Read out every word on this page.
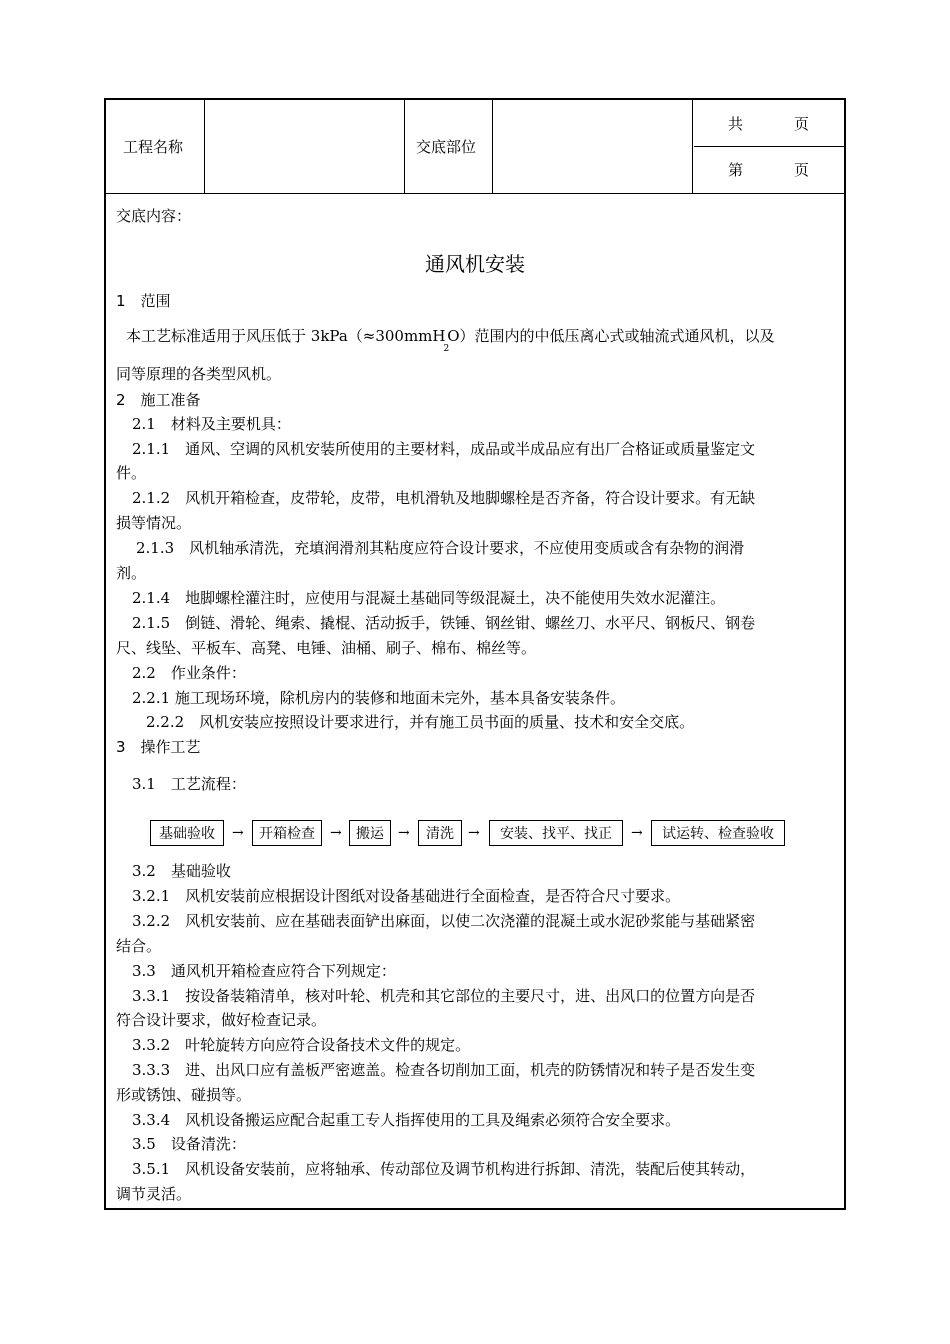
工程名称	交底部位
共	页
第	页
交底内容：
通风机安装
1　范围
本工艺标准适用于风压低于 3kPa（≈300mmH$_2$O）范围内的中低压离心式或轴流式通风机，以及
同等原理的各类型风机。
2　施工准备
2.1　材料及主要机具：
2.1.1　通风、空调的风机安装所使用的主要材料，成品或半成品应有出厂合格证或质量鉴定文
件。
2.1.2　风机开箱检查，皮带轮，皮带，电机滑轨及地脚螺栓是否齐备，符合设计要求。有无缺
损等情况。
2.1.3　风机轴承清洗，充填润滑剂其粘度应符合设计要求，不应使用变质或含有杂物的润滑
剂。
2.1.4　地脚螺栓灌注时，应使用与混凝土基础同等级混凝土，决不能使用失效水泥灌注。
2.1.5　倒链、滑轮、绳索、撬棍、活动扳手，铁锤、钢丝钳、螺丝刀、水平尺、钢板尺、钢卷
尺、线坠、平板车、高凳、电锤、油桶、刷子、棉布、棉丝等。
2.2　作业条件：
2.2.1 施工现场环境，除机房内的装修和地面未完外，基本具备安装条件。
2.2.2　风机安装应按照设计要求进行，并有施工员书面的质量、技术和安全交底。
3　操作工艺
3.1　工艺流程：
基础验收	→	开箱检查	→	搬运	→	清洗	→	安装、找平、找正	→	试运转、检查验收
3.2　基础验收
3.2.1　风机安装前应根据设计图纸对设备基础进行全面检查，是否符合尺寸要求。
3.2.2　风机安装前、应在基础表面铲出麻面，以使二次浇灌的混凝土或水泥砂浆能与基础紧密
结合。
3.3　通风机开箱检查应符合下列规定：
3.3.1　按设备装箱清单，核对叶轮、机壳和其它部位的主要尺寸，进、出风口的位置方向是否
符合设计要求，做好检查记录。
3.3.2　叶轮旋转方向应符合设备技术文件的规定。
3.3.3　进、出风口应有盖板严密遮盖。检查各切削加工面，机壳的防锈情况和转子是否发生变
形或锈蚀、碰损等。
3.3.4　风机设备搬运应配合起重工专人指挥使用的工具及绳索必须符合安全要求。
3.5　设备清洗：
3.5.1　风机设备安装前，应将轴承、传动部位及调节机构进行拆卸、清洗，装配后使其转动，
调节灵活。
